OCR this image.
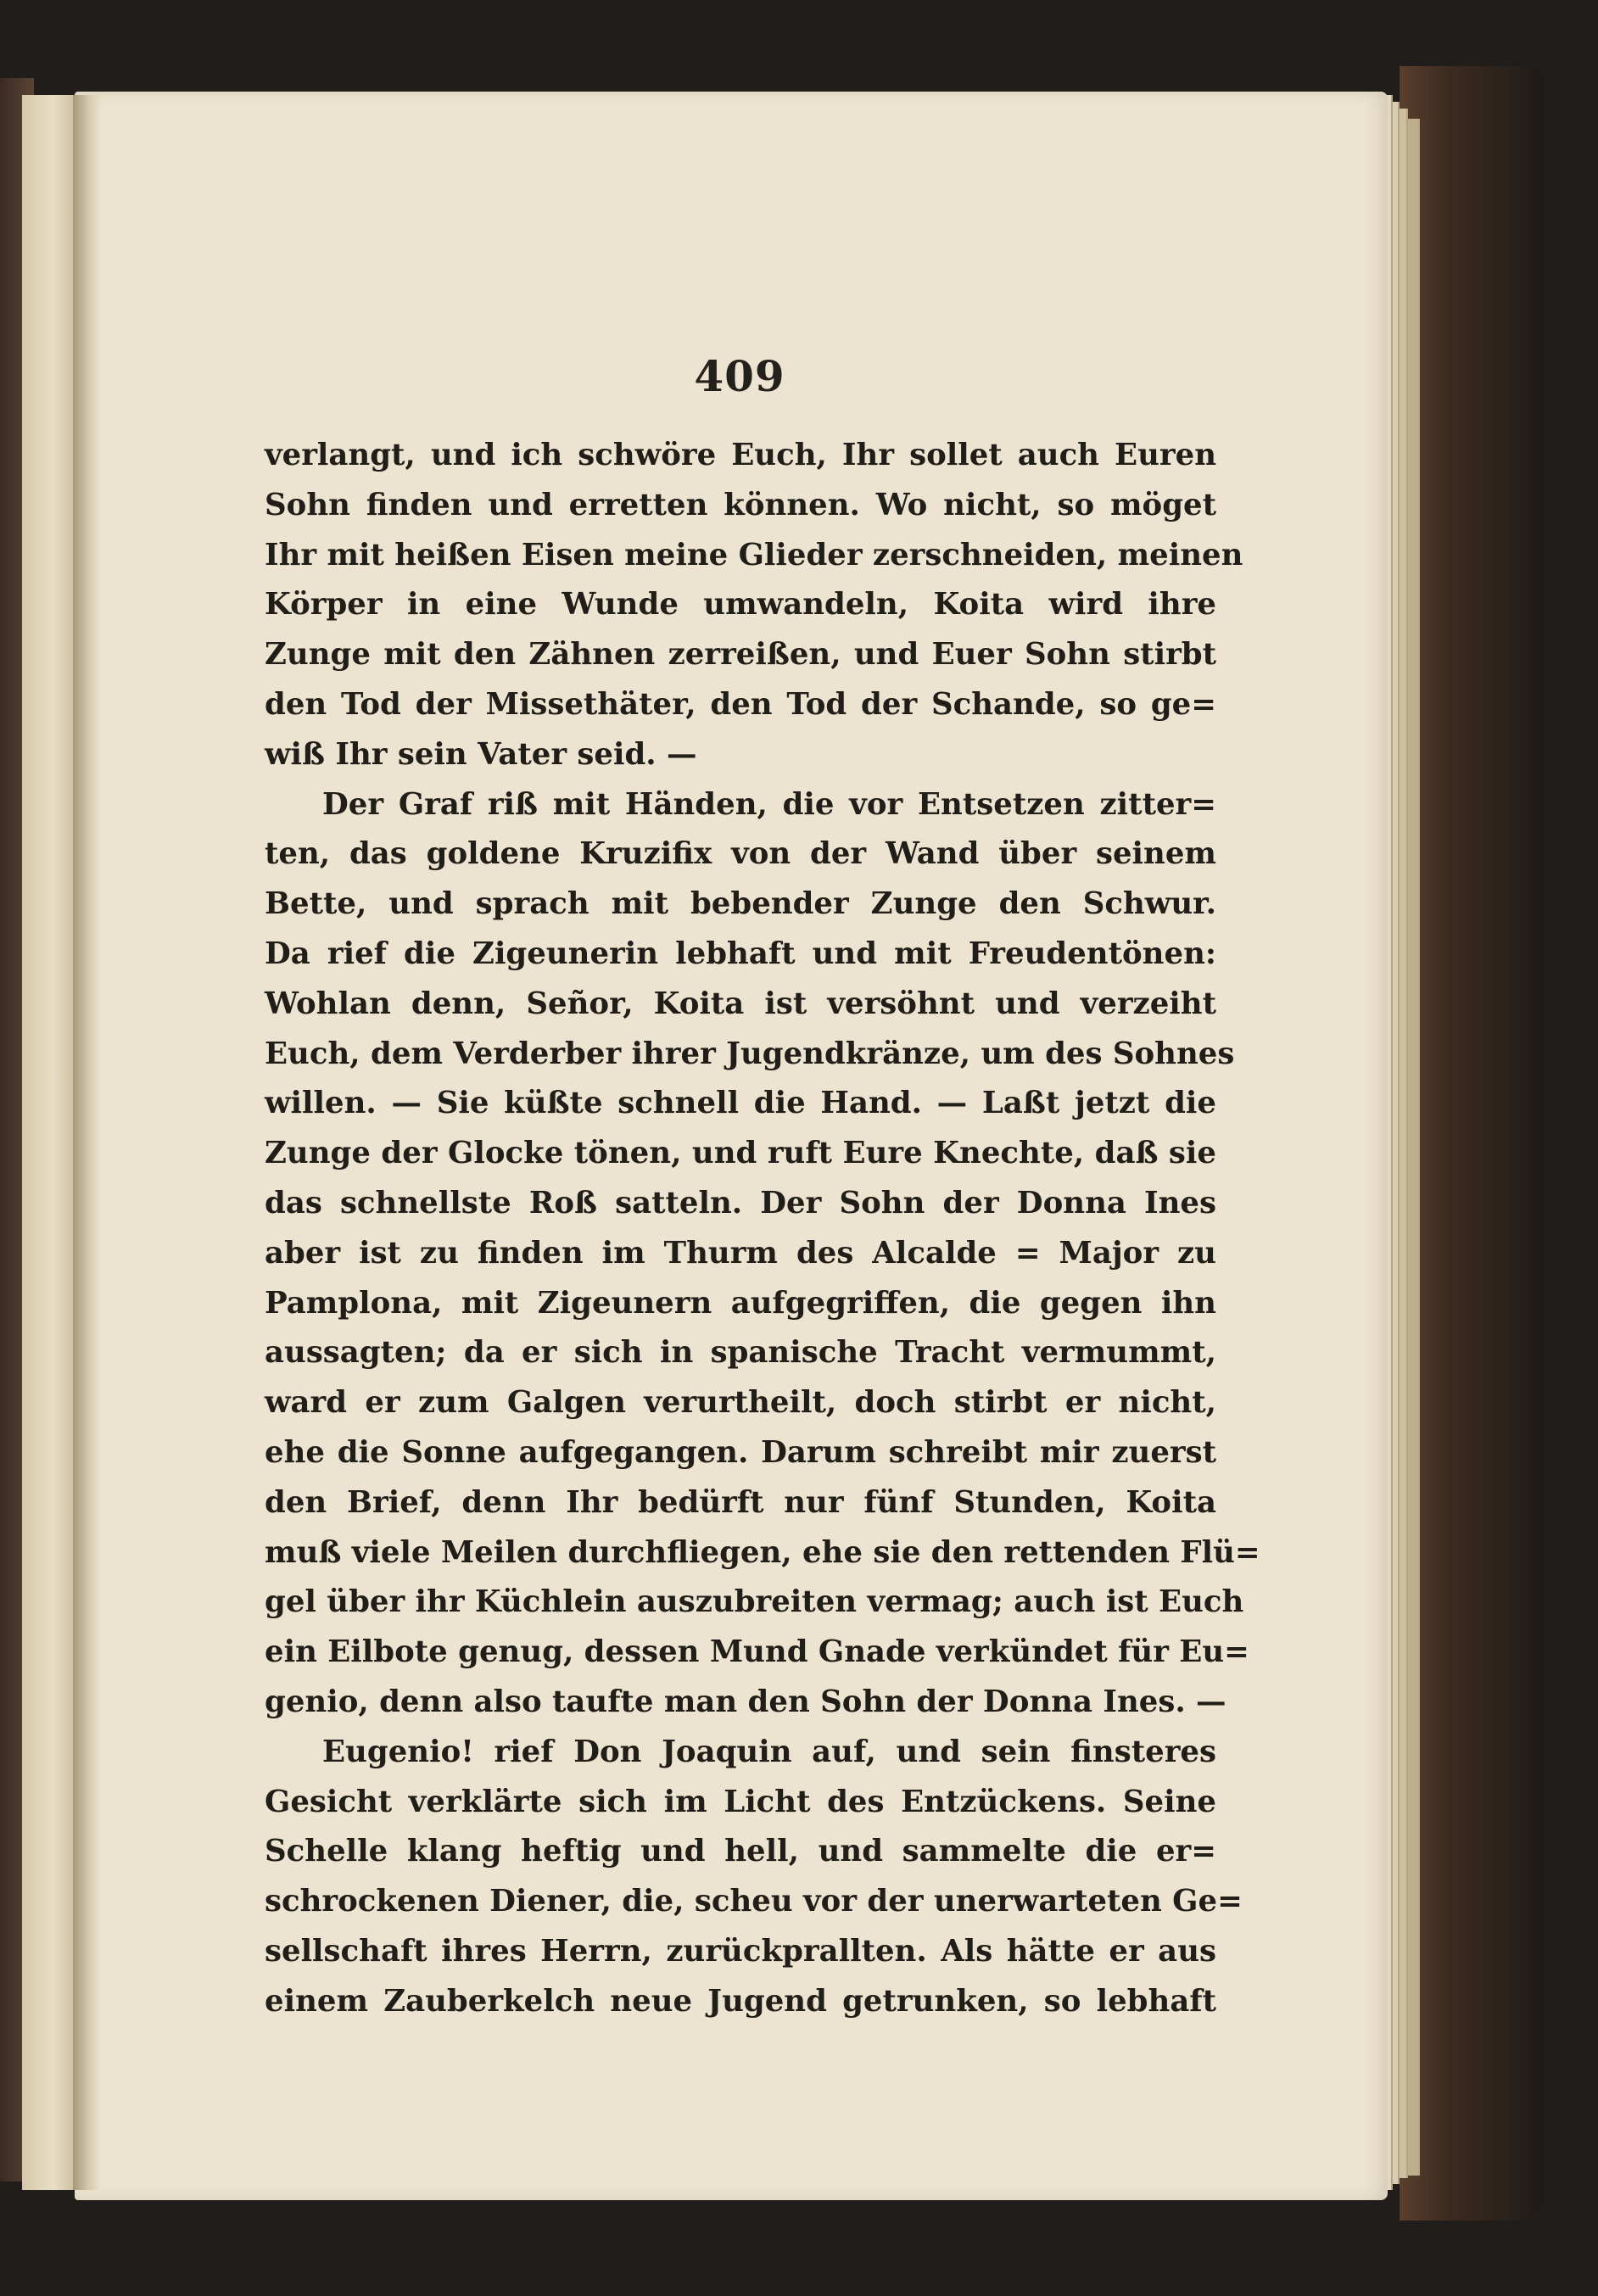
409
verlangt, und ich schwöre Euch, Ihr sollet auch Euren
Sohn finden und erretten können. Wo nicht, so möget
Ihr mit heißen Eisen meine Glieder zerschneiden, meinen
Körper in eine Wunde umwandeln, Koita wird ihre
Zunge mit den Zähnen zerreißen, und Euer Sohn stirbt
den Tod der Missethäter, den Tod der Schande, so ge=
wiß Ihr sein Vater seid. —
Der Graf riß mit Händen, die vor Entsetzen zitter=
ten, das goldene Kruzifix von der Wand über seinem
Bette, und sprach mit bebender Zunge den Schwur.
Da rief die Zigeunerin lebhaft und mit Freudentönen:
Wohlan denn, Señor, Koita ist versöhnt und verzeiht
Euch, dem Verderber ihrer Jugendkränze, um des Sohnes
willen. — Sie küßte schnell die Hand. — Laßt jetzt die
Zunge der Glocke tönen, und ruft Eure Knechte, daß sie
das schnellste Roß satteln. Der Sohn der Donna Ines
aber ist zu finden im Thurm des Alcalde = Major zu
Pamplona, mit Zigeunern aufgegriffen, die gegen ihn
aussagten; da er sich in spanische Tracht vermummt,
ward er zum Galgen verurtheilt, doch stirbt er nicht,
ehe die Sonne aufgegangen. Darum schreibt mir zuerst
den Brief, denn Ihr bedürft nur fünf Stunden, Koita
muß viele Meilen durchfliegen, ehe sie den rettenden Flü=
gel über ihr Küchlein auszubreiten vermag; auch ist Euch
ein Eilbote genug, dessen Mund Gnade verkündet für Eu=
genio, denn also taufte man den Sohn der Donna Ines. —
Eugenio! rief Don Joaquin auf, und sein finsteres
Gesicht verklärte sich im Licht des Entzückens. Seine
Schelle klang heftig und hell, und sammelte die er=
schrockenen Diener, die, scheu vor der unerwarteten Ge=
sellschaft ihres Herrn, zurückprallten. Als hätte er aus
einem Zauberkelch neue Jugend getrunken, so lebhaft
